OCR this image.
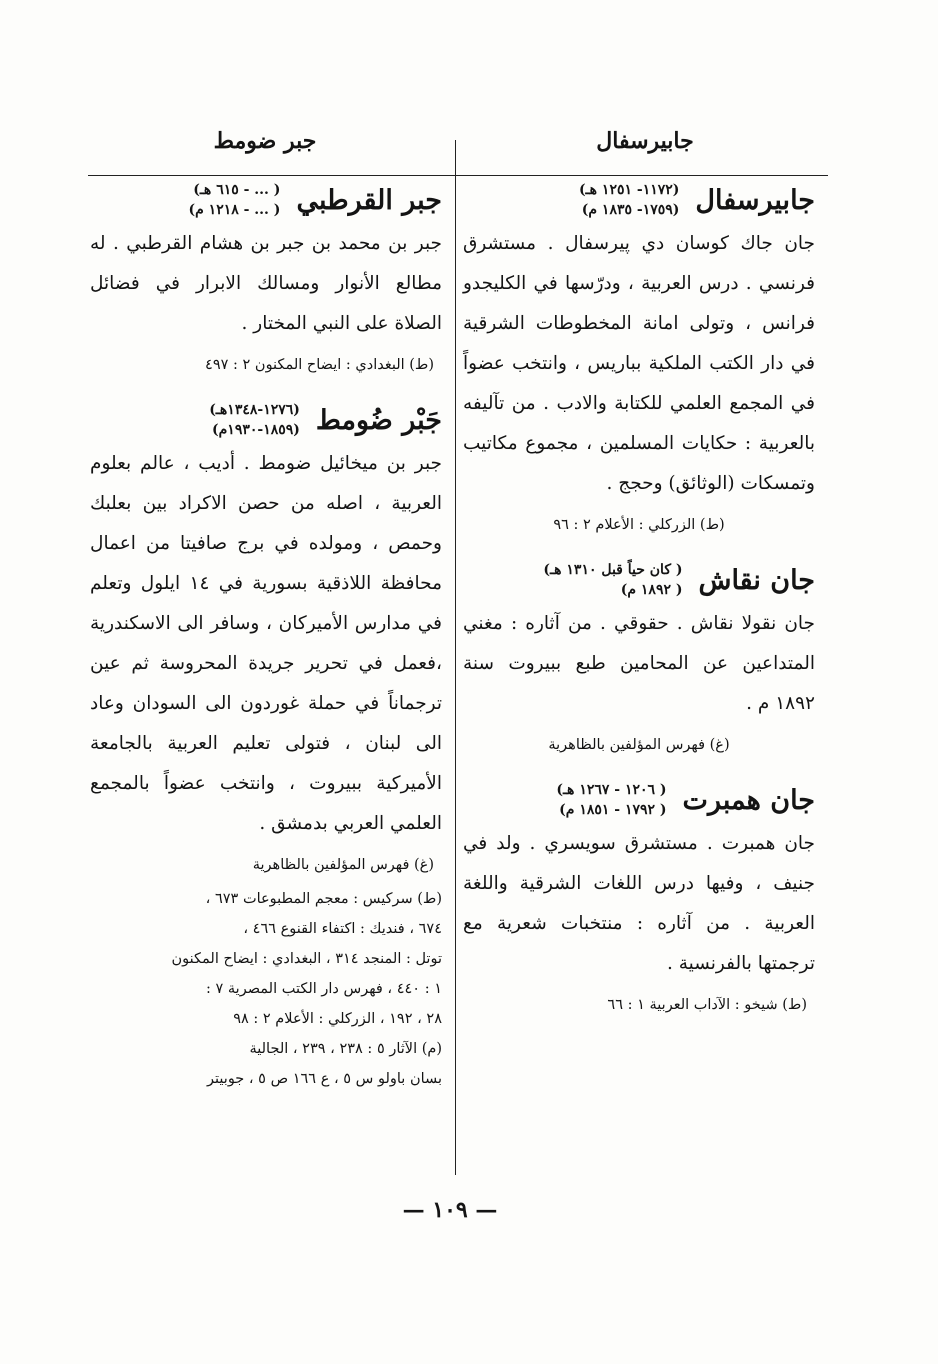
جابيرسفال
جبر ضومط
جابيرسفال
(١١٧٢- ١٢٥١ هـ)
(١٧٥٩- ١٨٣٥ م)
جان جاك كوسان دي پيرسفال . مستشرق فرنسي . درس العربية ، ودرّسها في الكليجدو فرانس ، وتولى امانة المخطوطات الشرقية في دار الكتب الملكية بباريس ، وانتخب عضواً في المجمع العلمي للكتابة والادب . من تآليفه بالعربية : حكايات المسلمين ، مجموع مكاتيب وتمسكات (الوثائق) وحجج .
(ط) الزركلي : الأعلام ٢ : ٩٦
جان نقاش
( كان حياً قبل ١٣١٠ هـ)
( ١٨٩٢ م)
جان نقولا نقاش . حقوقي . من آثاره : مغني المتداعين عن المحامين طبع ببيروت سنة ١٨٩٢ م .
(غ) فهرس المؤلفين بالظاهرية
جان همبرت
( ١٢٠٦ - ١٢٦٧ هـ)
( ١٧٩٢ - ١٨٥١ م)
جان همبرت . مستشرق سويسري . ولد في جنيف ، وفيها درس اللغات الشرقية واللغة العربية . من آثاره : منتخبات شعرية مع ترجمتها بالفرنسية .
(ط) شيخو : الآداب العربية ١ : ٦٦
جبر القرطبي
( ... - ٦١٥ هـ)
( ... - ١٢١٨ م)
جبر بن محمد بن جبر بن هشام القرطبي . له مطالع الأنوار ومسالك الابرار في فضائل الصلاة على النبي المختار .
(ط) البغدادي : ايضاح المكنون ٢ : ٤٩٧
جَبْر ضُومط
(١٢٧٦-١٣٤٨هـ)
(١٨٥٩-١٩٣٠م)
جبر بن ميخائيل ضومط . أديب ، عالم بعلوم العربية ، اصله من حصن الاكراد بين بعلبك وحمص ، ومولده في برج صافيتا من اعمال محافظة اللاذقية بسورية في ١٤ ايلول وتعلم في مدارس الأميركان ، وسافر الى الاسكندرية ،فعمل في تحرير جريدة المحروسة ثم عين ترجماناً في حملة غوردون الى السودان وعاد الى لبنان ، فتولى تعليم العربية بالجامعة الأميركية ببيروت ، وانتخب عضواً بالمجمع العلمي العربي بدمشق .
(غ) فهرس المؤلفين بالظاهرية
(ط) سركيس : معجم المطبوعات ٦٧٣ ،
٦٧٤ ، فنديك : اكتفاء القنوع ٤٦٦ ،
توتل : المنجد ٣١٤ ، البغدادي : ايضاح المكنون
١ : ٤٤٠ ، فهرس دار الكتب المصرية ٧ :
٢٨ ، ١٩٢ ، الزركلي : الأعلام ٢ : ٩٨
(م) الآثار ٥ : ٢٣٨ ، ٢٣٩ ، الجالية
بسان باولو س ٥ ، ع ١٦٦ ص ٥ ، جوبيتر
— ١٠٩ —
